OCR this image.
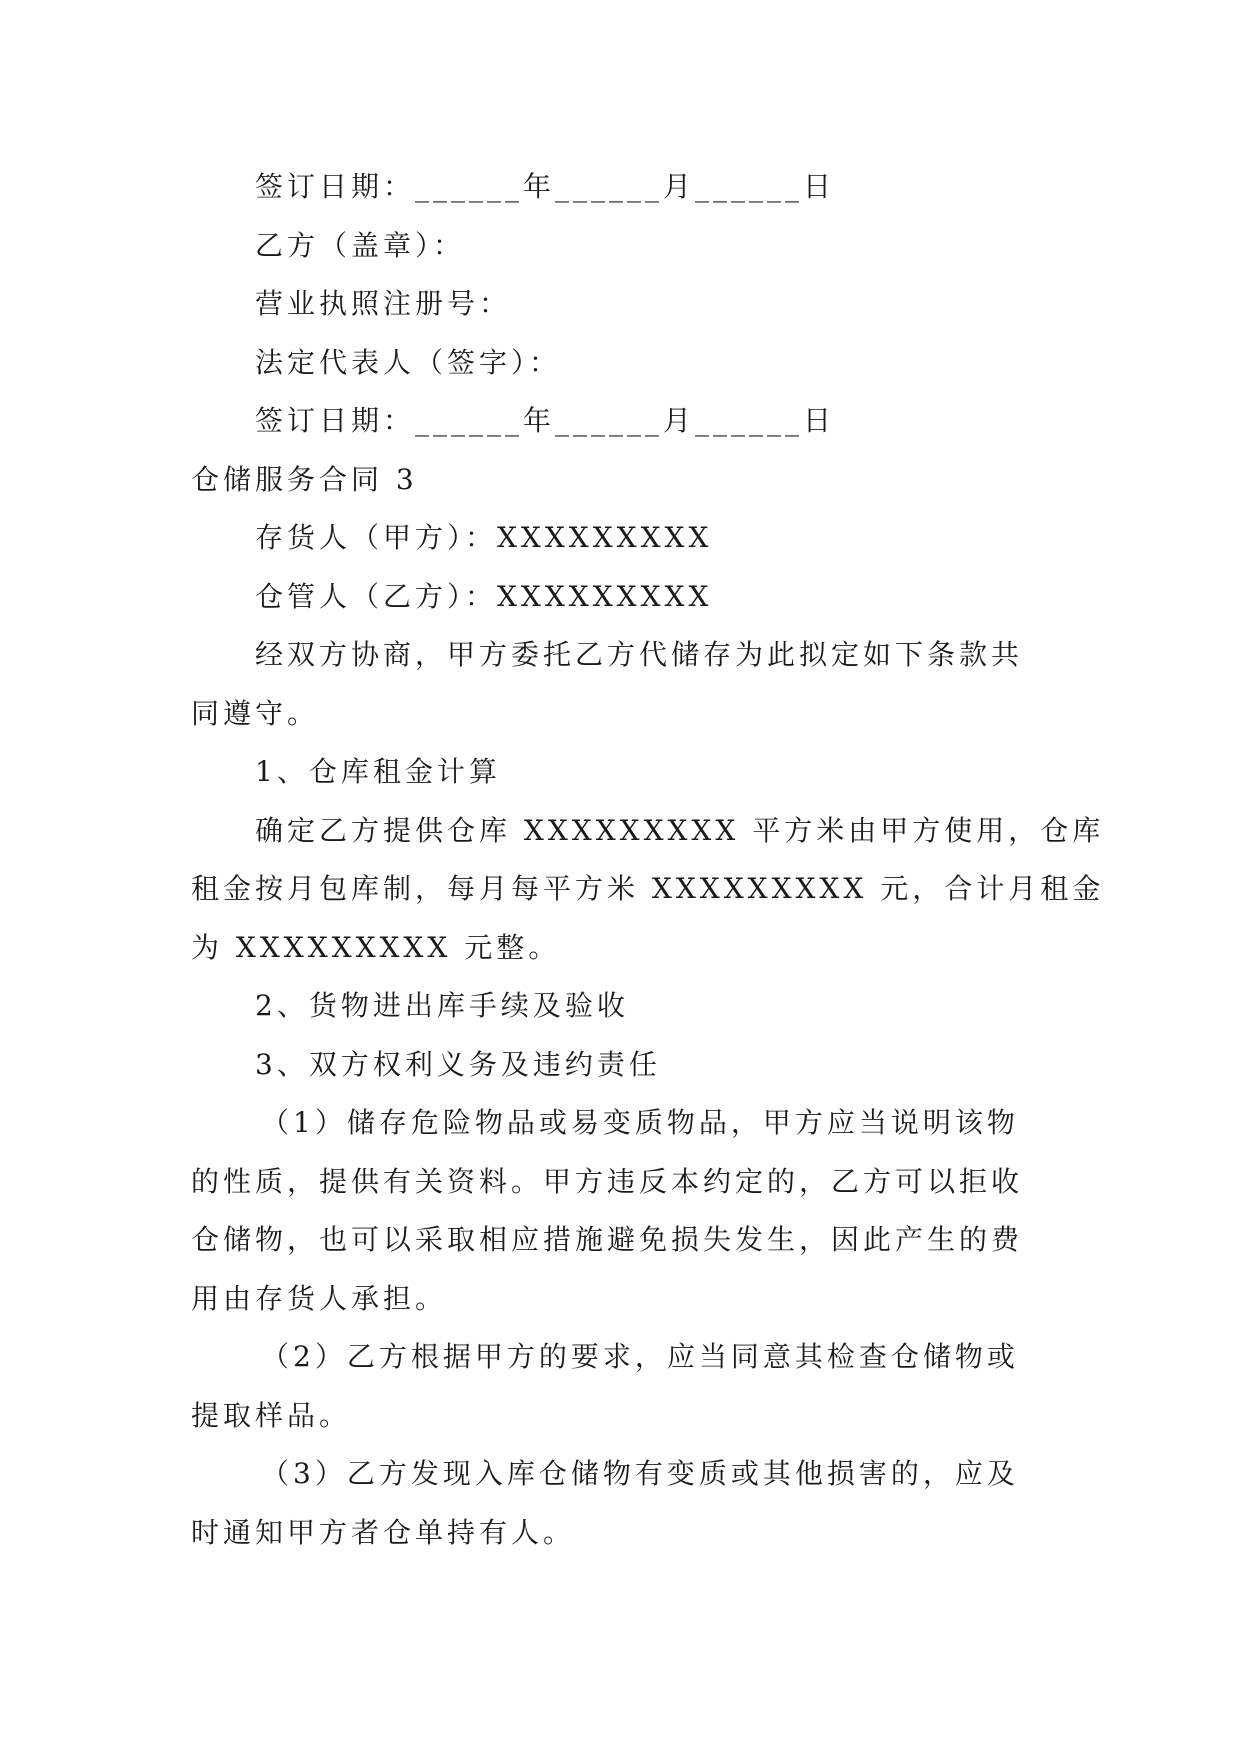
签订日期：______年______月______日
乙方（盖章）：
营业执照注册号：
法定代表人（签字）：
签订日期：______年______月______日
仓储服务合同 3
存货人（甲方）：XXXXXXXXX
仓管人（乙方）：XXXXXXXXX
经双方协商，甲方委托乙方代储存为此拟定如下条款共
同遵守。
1、仓库租金计算
确定乙方提供仓库 XXXXXXXXX 平方米由甲方使用，仓库
租金按月包库制，每月每平方米 XXXXXXXXX 元，合计月租金
为 XXXXXXXXX 元整。
2、货物进出库手续及验收
3、双方权利义务及违约责任
（1）储存危险物品或易变质物品，甲方应当说明该物
的性质，提供有关资料。甲方违反本约定的，乙方可以拒收
仓储物，也可以采取相应措施避免损失发生，因此产生的费
用由存货人承担。
（2）乙方根据甲方的要求，应当同意其检查仓储物或
提取样品。
（3）乙方发现入库仓储物有变质或其他损害的，应及
时通知甲方者仓单持有人。
